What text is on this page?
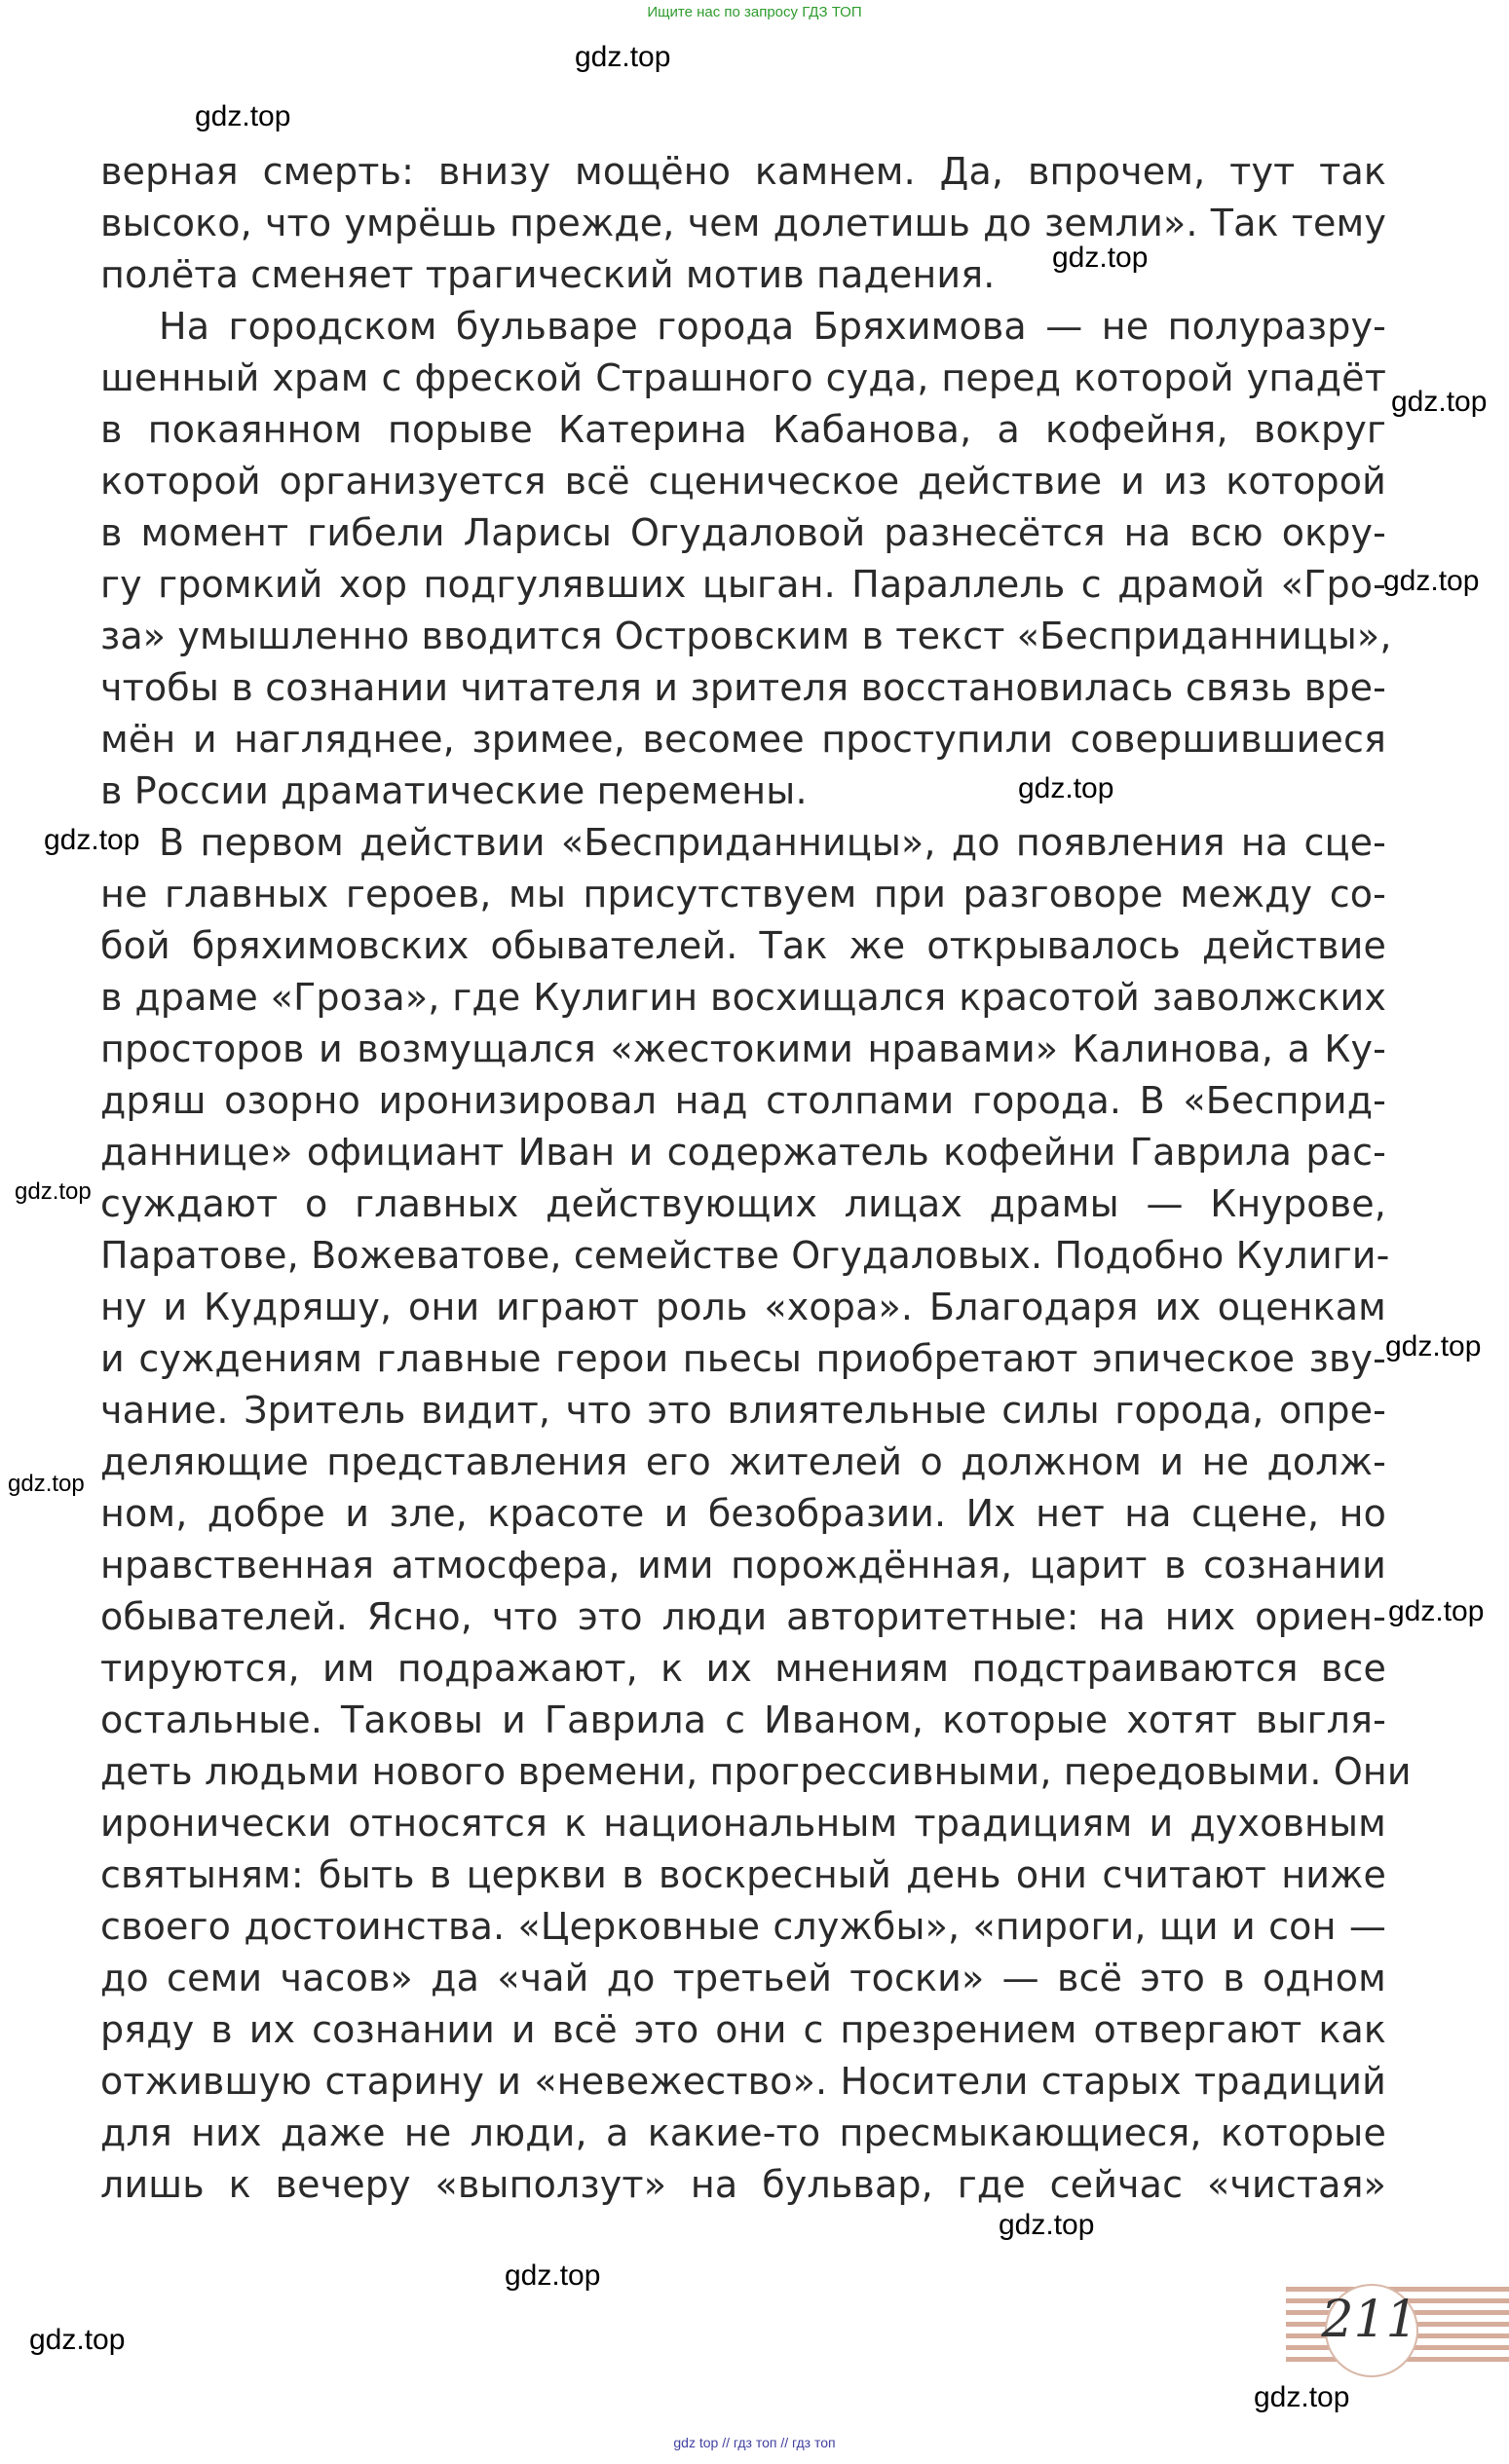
Ищите нас по запросу ГДЗ ТОП
верная смерть: внизу мощёно камнем. Да, впрочем, тут так
высоко, что умрёшь прежде, чем долетишь до земли». Так тему
полёта сменяет трагический мотив падения.
На городском бульваре города Бряхимова — не полуразру-
шенный храм с фреской Страшного суда, перед которой упадёт
в покаянном порыве Катерина Кабанова, а кофейня, вокруг
которой организуется всё сценическое действие и из которой
в момент гибели Ларисы Огудаловой разнесётся на всю окру-
гу громкий хор подгулявших цыган. Параллель с драмой «Гро-
за» умышленно вводится Островским в текст «Бесприданницы»,
чтобы в сознании читателя и зрителя восстановилась связь вре-
мён и нагляднее, зримее, весомее проступили совершившиеся
в России драматические перемены.
В первом действии «Бесприданницы», до появления на сце-
не главных героев, мы присутствуем при разговоре между со-
бой бряхимовских обывателей. Так же открывалось действие
в драме «Гроза», где Кулигин восхищался красотой заволжских
просторов и возмущался «жестокими нравами» Калинова, а Ку-
дряш озорно иронизировал над столпами города. В «Бесприд-
даннице» официант Иван и содержатель кофейни Гаврила рас-
суждают о главных действующих лицах драмы — Кнурове,
Паратове, Вожеватове, семействе Огудаловых. Подобно Кулиги-
ну и Кудряшу, они играют роль «хора». Благодаря их оценкам
и суждениям главные герои пьесы приобретают эпическое зву-
чание. Зритель видит, что это влиятельные силы города, опре-
деляющие представления его жителей о должном и не долж-
ном, добре и зле, красоте и безобразии. Их нет на сцене, но
нравственная атмосфера, ими порождённая, царит в сознании
обывателей. Ясно, что это люди авторитетные: на них ориен-
тируются, им подражают, к их мнениям подстраиваются все
остальные. Таковы и Гаврила с Иваном, которые хотят выгля-
деть людьми нового времени, прогрессивными, передовыми. Они
иронически относятся к национальным традициям и духовным
святыням: быть в церкви в воскресный день они считают ниже
своего достоинства. «Церковные службы», «пироги, щи и сон —
до семи часов» да «чай до третьей тоски» — всё это в одном
ряду в их сознании и всё это они с презрением отвергают как
отжившую старину и «невежество». Носители старых традиций
для них даже не люди, а какие-то пресмыкающиеся, которые
лишь к вечеру «выползут» на бульвар, где сейчас «чистая»
gdz.top
gdz.top
gdz.top
gdz.top
gdz.top
gdz.top
gdz.top
gdz.top
gdz.top
gdz.top
gdz.top
gdz.top
gdz.top
gdz.top
gdz.top
211
gdz top // гдз топ // гдз топ
